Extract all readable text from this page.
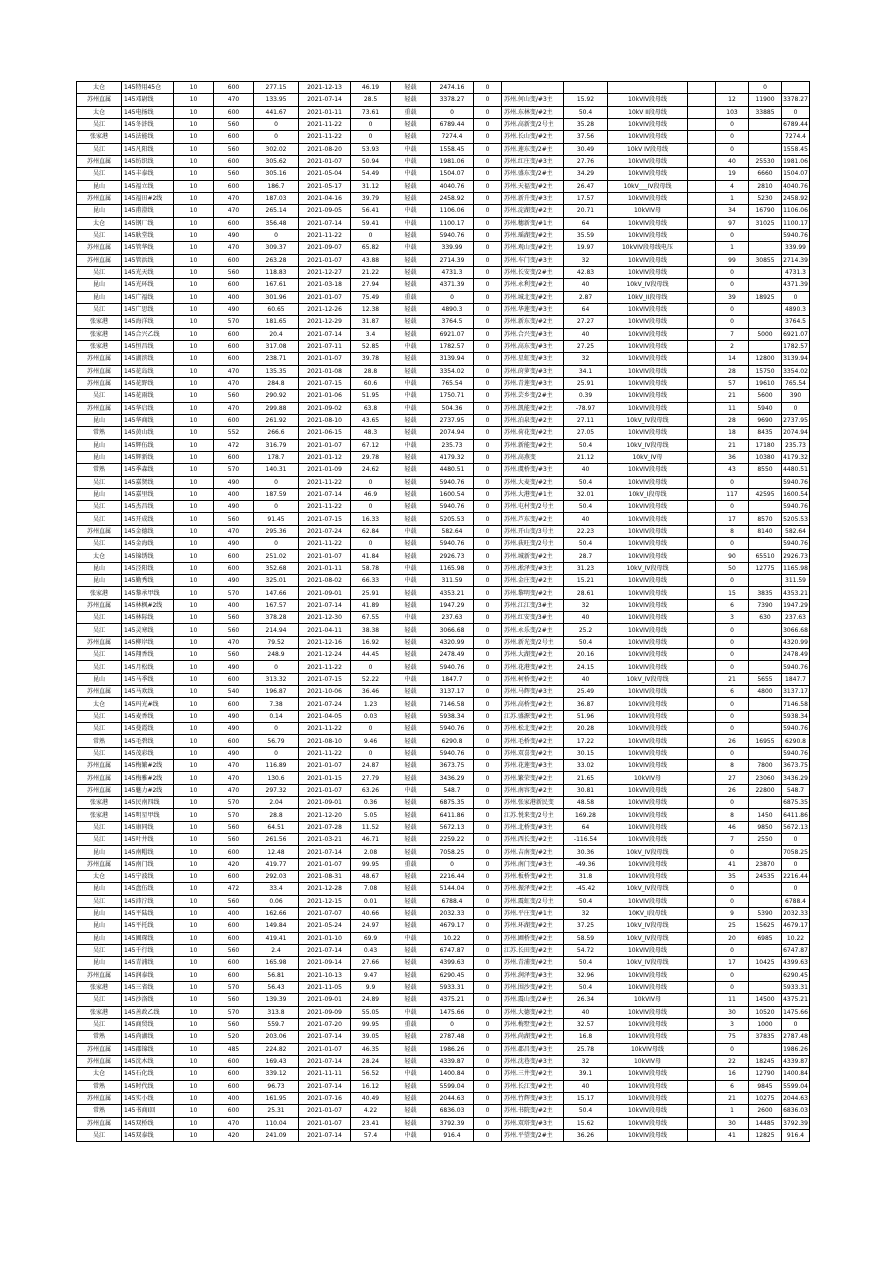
太仓	145特用45仓	10	600	277.15	2021-12-13	46.19	轻载	2474.16	0						0	
苏州直属	145邓尉线	10	470	133.95	2021-07-14	28.5	轻载	3378.27	0	苏州.何山变/#3主	15.92	10kVIV段母线		12	11900	3378.27
太仓	145电扬线	10	600	441.67	2021-01-11	73.61	重载	0	0	苏州.东林变/#2主	50.4	10kV II段母线		103	33885	0
吴江	145冬浒线	10	560	0	2021-11-22	0	轻载	6789.44	0	苏州.高新变/2号主	35.28	10kVIV段母线		0		6789.44
张家港	145法能线	10	600	0	2021-11-22	0	轻载	7274.4	0	苏州.长山变/#2主	37.56	10kVIV段母线		0		7274.4
吴江	145凡阳线	10	560	302.02	2021-08-20	53.93	中载	1558.45	0	苏州.莲东变/2#主	30.49	10kV IV段母线		0		1558.45
苏州直属	145纺织线	10	600	305.62	2021-01-07	50.94	中载	1981.06	0	苏州.红庄变/#3主	27.76	10kVIV段母线		40	25530	1981.06
吴江	145丰泰线	10	560	305.16	2021-05-04	54.49	中载	1504.07	0	苏州.盛东变/2#主	34.29	10kVIV段母线		19	6660	1504.07
昆山	145福立线	10	600	186.7	2021-05-17	31.12	轻载	4040.76	0	苏州.天福变/#2主	26.47	10kV___IV段母线		4	2810	4040.76
苏州直属	145福田#2线	10	470	187.03	2021-04-16	39.79	轻载	2458.92	0	苏州.新升变/#3主	17.57	10kVIV段母线		1	5230	2458.92
昆山	145甫澄线	10	470	265.14	2021-09-05	56.41	中载	1106.06	0	苏州.淀湖变/#2主	20.71	10kVIV母		34	16790	1106.06
太仓	145钢厂线	10	600	356.48	2021-07-14	59.41	中载	1100.17	0	苏州.穗新变/#1主	64	10kVIV段母线		97	31025	1100.17
吴江	145耿堂线	10	490	0	2021-11-22	0	轻载	5940.76	0	苏州.瑶湖变/#2主	35.59	10kVIV段母线		0		5940.76
苏州直属	145管华线	10	470	309.37	2021-09-07	65.82	中载	339.99	0	苏州.观山变/#2主	19.97	10kVIV段母线电压		1		339.99
苏州直属	145管浜线	10	600	263.28	2021-01-07	43.88	轻载	2714.39	0	苏州.车门变/#3主	32	10kVIV段母线		99	30855	2714.39
吴江	145光天线	10	560	118.83	2021-12-27	21.22	轻载	4731.3	0	苏州.长安变/2#主	42.83	10kVIV段母线		0		4731.3
昆山	145光环线	10	600	167.61	2021-03-18	27.94	轻载	4371.39	0	苏州.永利变/#2主	40	10kV_IV段母线		0		4371.39
昆山	145广福线	10	400	301.96	2021-01-07	75.49	重载	0	0	苏州.城北变/#2主	2.87	10kV_II段母线		39	18925	0
吴江	145广思线	10	490	60.65	2021-12-26	12.38	轻载	4890.3	0	苏州.华莲变/#3主	64	10kVIV段母线		0		4890.3
张家港	145海洋线	10	570	181.65	2021-12-29	31.87	轻载	3764.5	0	苏州.新东变/#2主	27.27	10kVIV段母线		0		3764.5
张家港	145合兴乙线	10	600	20.4	2021-07-14	3.4	轻载	6921.07	0	苏州.合兴变/#3主	40	10kVIV段母线		7	5000	6921.07
张家港	145恒昌线	10	600	317.08	2021-07-11	52.85	中载	1782.57	0	苏州.高东变/#3主	27.25	10kVIV段母线		2		1782.57
苏州直属	145湖滨线	10	600	238.71	2021-01-07	39.78	轻载	3139.94	0	苏州.星虹变/#3主	32	10kVIV段母线		14	12800	3139.94
苏州直属	145花岛线	10	470	135.35	2021-01-08	28.8	轻载	3354.02	0	苏州.莳萝变/#3主	34.1	10kVIV段母线		28	15750	3354.02
苏州直属	145花野线	10	470	284.8	2021-07-15	60.6	中载	765.54	0	苏州.青莲变/#3主	25.91	10kVIV段母线		57	19610	765.54
吴江	145花雨线	10	560	290.92	2021-01-06	51.95	中载	1750.71	0	苏州.芸乡变/2#主	0.39	10kVIV段母线		21	5600	390
苏州直属	145华启线	10	470	299.88	2021-09-02	63.8	中载	504.36	0	苏州.凯能变/#2主	-78.97	10kVIV段母线		11	5940	0
昆山	145华商线	10	600	261.92	2021-08-10	43.65	轻载	2737.95	0	苏州.泊泉变/#2主	27.11	10kV_IV段母线		28	9690	2737.95
常熟	145黄山线	10	552	266.6	2021-06-15	48.3	轻载	2074.94	0	苏州.荷花变/#2主	27.05	10kVIV段母线		18	8435	2074.94
昆山	145辉伍线	10	472	316.79	2021-01-07	67.12	中载	235.73	0	苏州.新能变/#2主	50.4	10kV_IV段母线		21	17180	235.73
昆山	145辉新线	10	600	178.7	2021-01-12	29.78	轻载	4179.32	0	苏州.高燕变	21.12	10kV_IV母		36	10380	4179.32
常熟	145季森线	10	570	140.31	2021-01-09	24.62	轻载	4480.51	0	苏州.虞桥变/#3主	40	10kVIV段母线		43	8550	4480.51
吴江	145嘉贤线	10	490	0	2021-11-22	0	轻载	5940.76	0	苏州.大麦变/#2主	50.4	10kVIV段母线		0		5940.76
昆山	145嘉里线	10	400	187.59	2021-07-14	46.9	轻载	1600.54	0	苏州.大港变/#1主	32.01	10kV_I段母线		117	42595	1600.54
吴江	145杰昌线	10	490	0	2021-11-22	0	轻载	5940.76	0	苏州.屯村变/2号主	50.4	10kVIV段母线		0		5940.76
吴江	145开成线	10	560	91.45	2021-07-15	16.33	轻载	5205.53	0	苏州.芦东变/#2主	40	10kVIV段母线		17	8570	5205.53
苏州直属	145金德线	10	470	295.36	2021-07-24	62.84	中载	582.64	0	苏州.开山变/3号主	22.23	10kVIV段母线		8	8140	582.64
吴江	145金海线	10	490	0	2021-11-22	0	轻载	5940.76	0	苏州.荻旺变/2号主	50.4	10kVIV段母线		0		5940.76
太仓	145锦绣线	10	600	251.02	2021-01-07	41.84	轻载	2926.73	0	苏州.城新变/#2主	28.7	10kVIV段母线		90	65510	2926.73
昆山	145泾阳线	10	600	352.68	2021-01-11	58.78	中载	1165.98	0	苏州.淞泽变/#3主	31.23	10kV_IV段母线		50	12775	1165.98
昆山	145勤秀线	10	490	325.01	2021-08-02	66.33	中载	311.59	0	苏州.金庄变/#2主	15.21	10kVIV段母线		0		311.59
张家港	145黎承甲线	10	570	147.66	2021-09-01	25.91	轻载	4353.21	0	苏州.黎明变/#2主	28.61	10kVIV段母线		15	3835	4353.21
苏州直属	145林枫#2线	10	400	167.57	2021-07-14	41.89	轻载	1947.29	0	苏州.江江变/3#主	32	10kVIV段母线		6	7390	1947.29
吴江	145林际线	10	560	378.28	2021-12-30	67.55	中载	237.63	0	苏州.红安变/3#主	40	10kVIV段母线		3	630	237.63
吴江	145灵寒线	10	560	214.94	2021-04-11	38.38	轻载	3066.68	0	苏州.永乐变/2#主	25.2	10kVIV段母线		0		3066.68
苏州直属	145柳岸线	10	470	79.52	2021-12-16	16.92	轻载	4320.99	0	苏州.新光变/2号主	50.4	10kVIV段母线		0		4320.99
吴江	145翔香线	10	560	248.9	2021-12-24	44.45	轻载	2478.49	0	苏州.大湖变/#2主	20.16	10kVIV段母线		0		2478.49
吴江	145月松线	10	490	0	2021-11-22	0	轻载	5940.76	0	苏州.花港变/#2主	24.15	10kVIV段母线		0		5940.76
昆山	145马季线	10	600	313.32	2021-07-15	52.22	中载	1847.7	0	苏州.柯桥变/#2主	40	10kV_IV段母线		21	5655	1847.7
苏州直属	145马欢线	10	540	196.87	2021-10-06	36.46	轻载	3137.17	0	苏州.马辉变/#3主	25.49	10kVIV段母线		6	4800	3137.17
太仓	145玛光#线	10	600	7.38	2021-07-24	1.23	轻载	7146.58	0	苏州.高桥变/#2主	36.87	10kVIV段母线		0		7146.58
吴江	145麦香线	10	490	0.14	2021-04-05	0.03	轻载	5938.34	0	江苏.盛源变/#2主	51.96	10kVIV段母线		0		5938.34
吴江	145曼霞线	10	490	0	2021-11-22	0	轻载	5940.76	0	苏州.松北变/#2主	20.28	10kVIV段母线		0		5940.76
常熟	145毛碧线	10	600	56.79	2021-08-10	9.46	轻载	6290.8	0	苏州.毛桥变/#2主	17.22	10kVIV段母线		26	16955	6290.8
吴江	145茂彩线	10	490	0	2021-11-22	0	轻载	5940.76	0	苏州.双喜变/#2主	30.15	10kVIV段母线		0		5940.76
苏州直属	145梅繁#2线	10	470	116.89	2021-01-07	24.87	轻载	3673.75	0	苏州.花莲变/#3主	33.02	10kVIV段母线		8	7800	3673.75
苏州直属	145梅雅#2线	10	470	130.6	2021-01-15	27.79	轻载	3436.29	0	苏州.繁荣变/#2主	21.65	10kVIV母		27	23060	3436.29
苏州直属	145魅力#2线	10	470	297.32	2021-01-07	63.26	中载	548.7	0	苏州.南容变/#2主	30.81	10kVIV段母线		26	22800	548.7
张家港	145民南四线	10	570	2.04	2021-09-01	0.36	轻载	6875.35	0	苏州.张家港新民变	48.58	10kVIV段母线		0		6875.35
张家港	145明星甲线	10	570	28.8	2021-12-20	5.05	轻载	6411.86	0	江苏.悦来变/2号主	169.28	10kVIV段母线		8	1450	6411.86
吴江	145康同线	10	560	64.51	2021-07-28	11.52	轻载	5672.13	0	苏州.北桥变/#3主	64	10kVIV段母线		46	9850	5672.13
吴江	145叶井线	10	560	261.56	2021-03-21	46.71	轻载	2259.22	0	苏州.西长变/#2主	-116.54	10kVIV段母线		7	2550	0
昆山	145南帽线	10	600	12.48	2021-07-14	2.08	轻载	7058.25	0	苏州.吉南变/#2主	30.36	10kV_IV段母线		0		7058.25
苏州直属	145南门线	10	420	419.77	2021-01-07	99.95	重载	0	0	苏州.南门变/#3主	-49.36	10kVIV段母线		41	23870	0
太仓	145宁波线	10	600	292.03	2021-08-31	48.67	轻载	2216.44	0	苏州.板桥变/#2主	31.8	10kVIV段母线		35	24535	2216.44
昆山	145盘伍线	10	472	33.4	2021-12-28	7.08	轻载	5144.04	0	苏州.振泽变/#2主	-45.42	10kV_IV段母线		0		0
吴江	145沛泞线	10	560	0.06	2021-12-15	0.01	轻载	6788.4	0	苏州.震虹变/2号主	50.4	10kVIV段母线		0		6788.4
昆山	145平陆线	10	400	162.66	2021-07-07	40.66	轻载	2032.33	0	苏州.平庄变/#1主	32	10KV_I段母线		9	5390	2032.33
昆山	145平托线	10	600	149.84	2021-05-24	24.97	轻载	4679.17	0	苏州.环湖变/#2主	37.25	10kV_IV段母线		25	15625	4679.17
昆山	145圃琛线	10	600	419.41	2021-01-10	69.9	中载	10.22	0	苏州.圃桥变/#2主	58.59	10kV_IV段母线		20	6985	10.22
吴江	145千行线	10	560	2.4	2021-07-14	0.43	轻载	6747.87	0	江苏.长田变/#2主	54.72	10kVIV段母线		0		6747.87
昆山	145青浦线	10	600	165.98	2021-09-14	27.66	轻载	4399.63	0	苏州.青浦变/#2主	50.4	10kV_IV段母线		17	10425	4399.63
苏州直属	145润泰线	10	600	56.81	2021-10-13	9.47	轻载	6290.45	0	苏州.润泽变/#3主	32.96	10kVIV段母线		0		6290.45
张家港	145三省线	10	570	56.43	2021-11-05	9.9	轻载	5933.31	0	苏州.围沙变/#2主	50.4	10kVIV段母线		0		5933.31
吴江	145沙洛线	10	560	139.39	2021-09-01	24.89	轻载	4375.21	0	苏州.震山变/2#主	26.34	10kVIV母		11	14500	4375.21
张家港	145善政乙线	10	570	313.8	2021-09-09	55.05	中载	1475.66	0	苏州.大德变/#2主	40	10kVIV段母线		30	10520	1475.66
吴江	145商贸线	10	560	559.7	2021-07-20	99.95	重载	0	0	苏州.梅墅变/#2主	32.57	10kVIV段母线		3	1000	0
常熟	145尚湖线	10	520	203.06	2021-07-14	39.05	轻载	2787.48	0	苏州.尚湖变/#2主	16.8	10kVIV段母线		75	37835	2787.48
苏州直属	145郡锦线	10	485	224.82	2021-01-07	46.35	轻载	1986.26	0	苏州.郡昌变/#3主	25.78	10kVIV母线		0		1986.26
苏州直属	145沈木线	10	600	169.43	2021-07-14	28.24	轻载	4339.87	0	苏州.沈巷变/#3主	32	10kVIV母		22	18245	4339.87
太仓	145石化线	10	600	339.12	2021-11-11	56.52	中载	1400.84	0	苏州.三井变/#2主	39.1	10kVIV段母线		16	12790	1400.84
常熟	145时代线	10	600	96.73	2021-07-14	16.12	轻载	5599.04	0	苏州.长江变/#2主	40	10kVIV段母线		6	9845	5599.04
苏州直属	145实小线	10	400	161.95	2021-07-16	40.49	轻载	2044.63	0	苏州.竹辉变/#3主	15.17	10kVIV段母线		21	10275	2044.63
常熟	145书商Ⅰ回	10	600	25.31	2021-01-07	4.22	轻载	6836.03	0	苏州.书院变/#2主	50.4	10kVIV段母线		1	2600	6836.03
苏州直属	145双桥线	10	470	110.04	2021-01-07	23.41	轻载	3792.39	0	苏州.双塔变/#3主	15.62	10kVIV段母线		30	14485	3792.39
吴江	145双泰线	10	420	241.09	2021-07-14	57.4	中载	916.4	0	苏州.平望变/2#主	36.26	10kVIV段母线		41	12825	916.4
